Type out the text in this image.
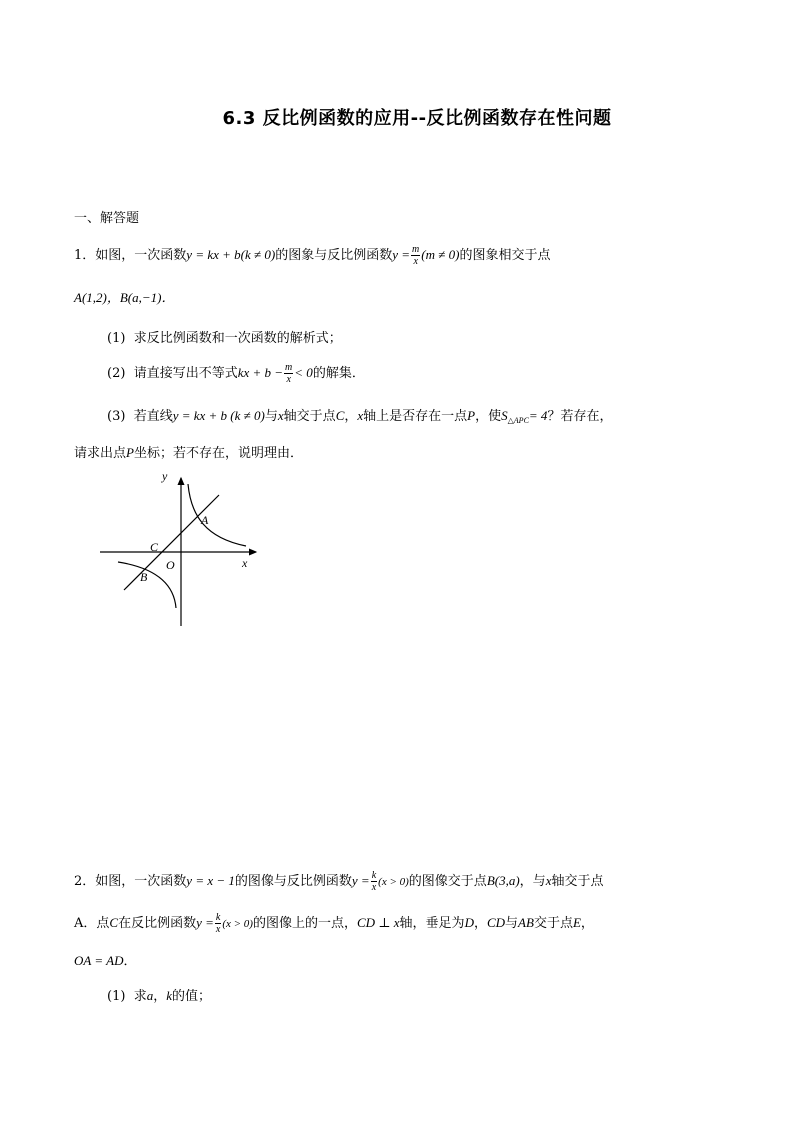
6.3 反比例函数的应用--反比例函数存在性问题
一、解答题
1．如图，一次函数y = kx + b(k ≠ 0)的图象与反比例函数$y = \frac{m}{x} (m \ne 0)$的图象相交于点
A(1,2)，B(a,−1)．
(1) 求反比例函数和一次函数的解析式；
(2) 请直接写出不等式kx + $b - \frac{m}{x} < 0$的解集．
(3) 若直线y = kx + b (k ≠ 0)与x轴交于点C，x轴上是否存在一点P，使$S_{\triangle APC}= 4$？若存在，
请求出点P坐标；若不存在，说明理由．
y
x
A
B
C
O
2．如图，一次函数y = x − 1的图像与反比例函数$y = \frac{k}{x} (x > 0)$的图像交于点B(3,a)，与x轴交于点
A．点C在反比例函数$y = \frac{k}{x} (x > 0)$的图像上的一点，CD ⊥ x轴，垂足为D，CD与AB交于点E，
OA = AD．
(1) 求a，k的值；
